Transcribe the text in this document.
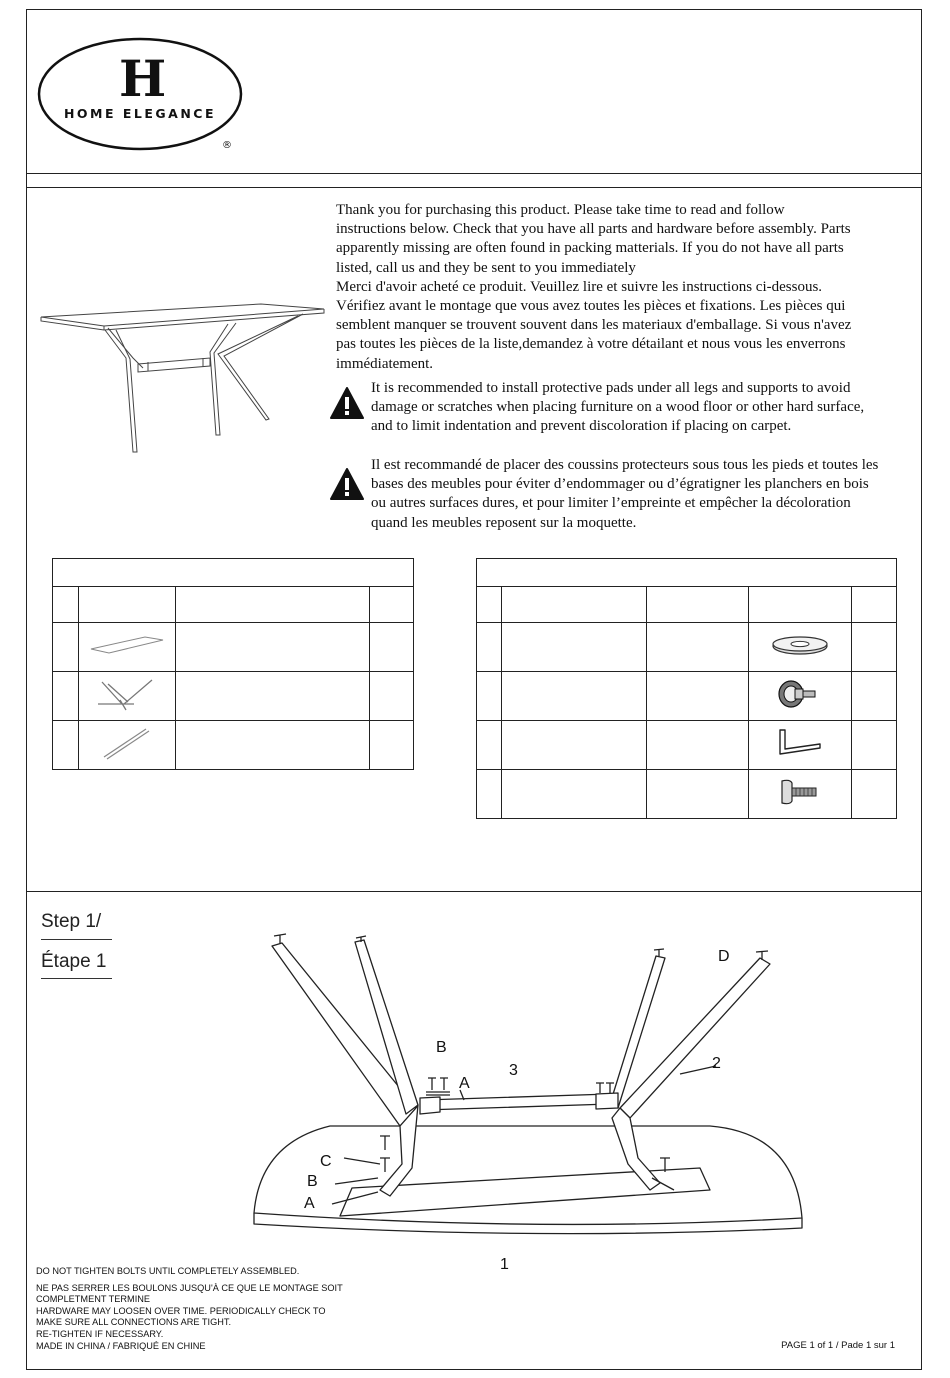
H
HOME ELEGANCE
®

Thank you for purchasing this product. Please take time to read and follow

instructions below. Check that you have all parts and hardware before assembly. Parts

apparently missing are often found in packing matterials. If you do not have all parts

listed, call us and they be sent to you immediately

Merci d'avoir acheté ce produit. Veuillez lire et suivre les instructions ci-dessous.

Vérifiez avant le montage que vous avez toutes les pièces et fixations. Les pièces qui

semblent manquer se trouvent souvent dans les materiaux d'emballage. Si vous n'avez

pas toutes les pièces de la liste,demandez à votre détailant et nous vous les enverrons

immédiatement.

It is recommended to install protective pads under all legs and supports to avoid
damage or scratches when placing furniture on a wood floor or other hard surface,
and to limit indentation and prevent discoloration if placing on carpet.
Il est recommandé de placer des coussins protecteurs sous tous les pieds et toutes les
bases des meubles pour éviter d’endommager ou d’égratigner les planchers en bois
ou autres surfaces dures, et pour limiter l’empreinte et empêcher la décoloration
quand les meubles reposent sur la moquette.

Step 1/
Étape 1	D
B
A
3	2
C
B
A
1
DO NOT TIGHTEN BOLTS UNTIL COMPLETELY ASSEMBLED.
NE PAS SERRER LES BOULONS JUSQU'À CE QUE LE MONTAGE SOIT
COMPLETMENT TERMINE
HARDWARE MAY LOOSEN OVER TIME. PERIODICALLY CHECK TO
MAKE SURE ALL CONNECTIONS ARE TIGHT.
RE-TIGHTEN IF NECESSARY.
MADE IN CHINA / FABRIQUÉ EN CHINE	PAGE 1 of 1 / Pade 1 sur 1
